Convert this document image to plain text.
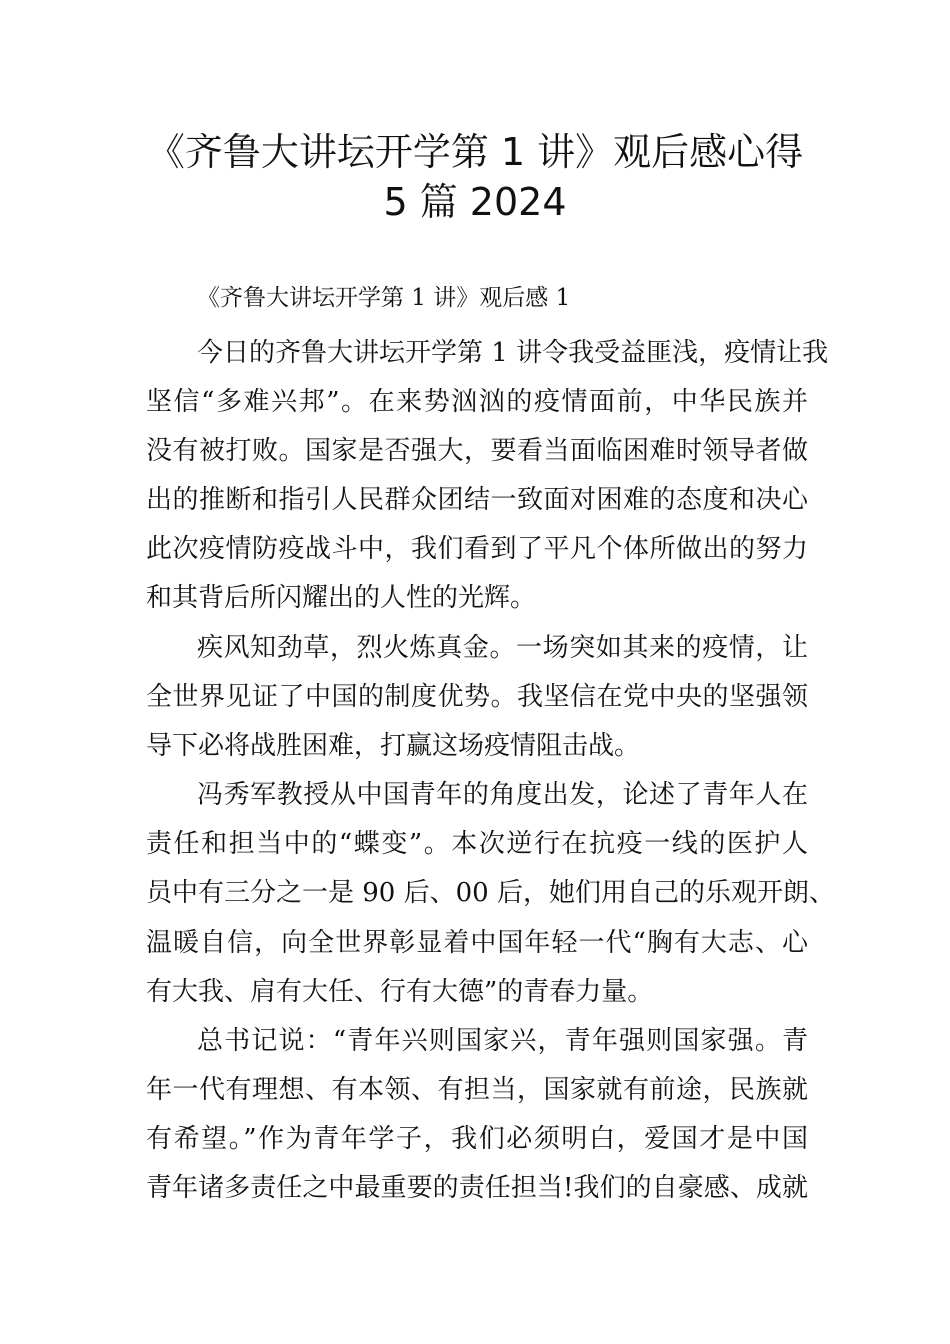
《齐鲁大讲坛开学第 1 讲》观后感心得
5 篇 2024
《齐鲁大讲坛开学第 1 讲》观后感 1
今日的齐鲁大讲坛开学第 1 讲令我受益匪浅，疫情让我
坚信“多难兴邦”。在来势汹汹的疫情面前，中华民族并
没有被打败。国家是否强大，要看当面临困难时领导者做
出的推断和指引人民群众团结一致面对困难的态度和决心
此次疫情防疫战斗中，我们看到了平凡个体所做出的努力
和其背后所闪耀出的人性的光辉。
疾风知劲草，烈火炼真金。一场突如其来的疫情，让
全世界见证了中国的制度优势。我坚信在党中央的坚强领
导下必将战胜困难，打赢这场疫情阻击战。
冯秀军教授从中国青年的角度出发，论述了青年人在
责任和担当中的“蝶变”。本次逆行在抗疫一线的医护人
员中有三分之一是 90 后、00 后，她们用自己的乐观开朗、
温暖自信，向全世界彰显着中国年轻一代“胸有大志、心
有大我、肩有大任、行有大德”的青春力量。
总书记说：“青年兴则国家兴，青年强则国家强。青
年一代有理想、有本领、有担当，国家就有前途，民族就
有希望。”作为青年学子，我们必须明白，爱国才是中国
青年诸多责任之中最重要的责任担当!我们的自豪感、成就
